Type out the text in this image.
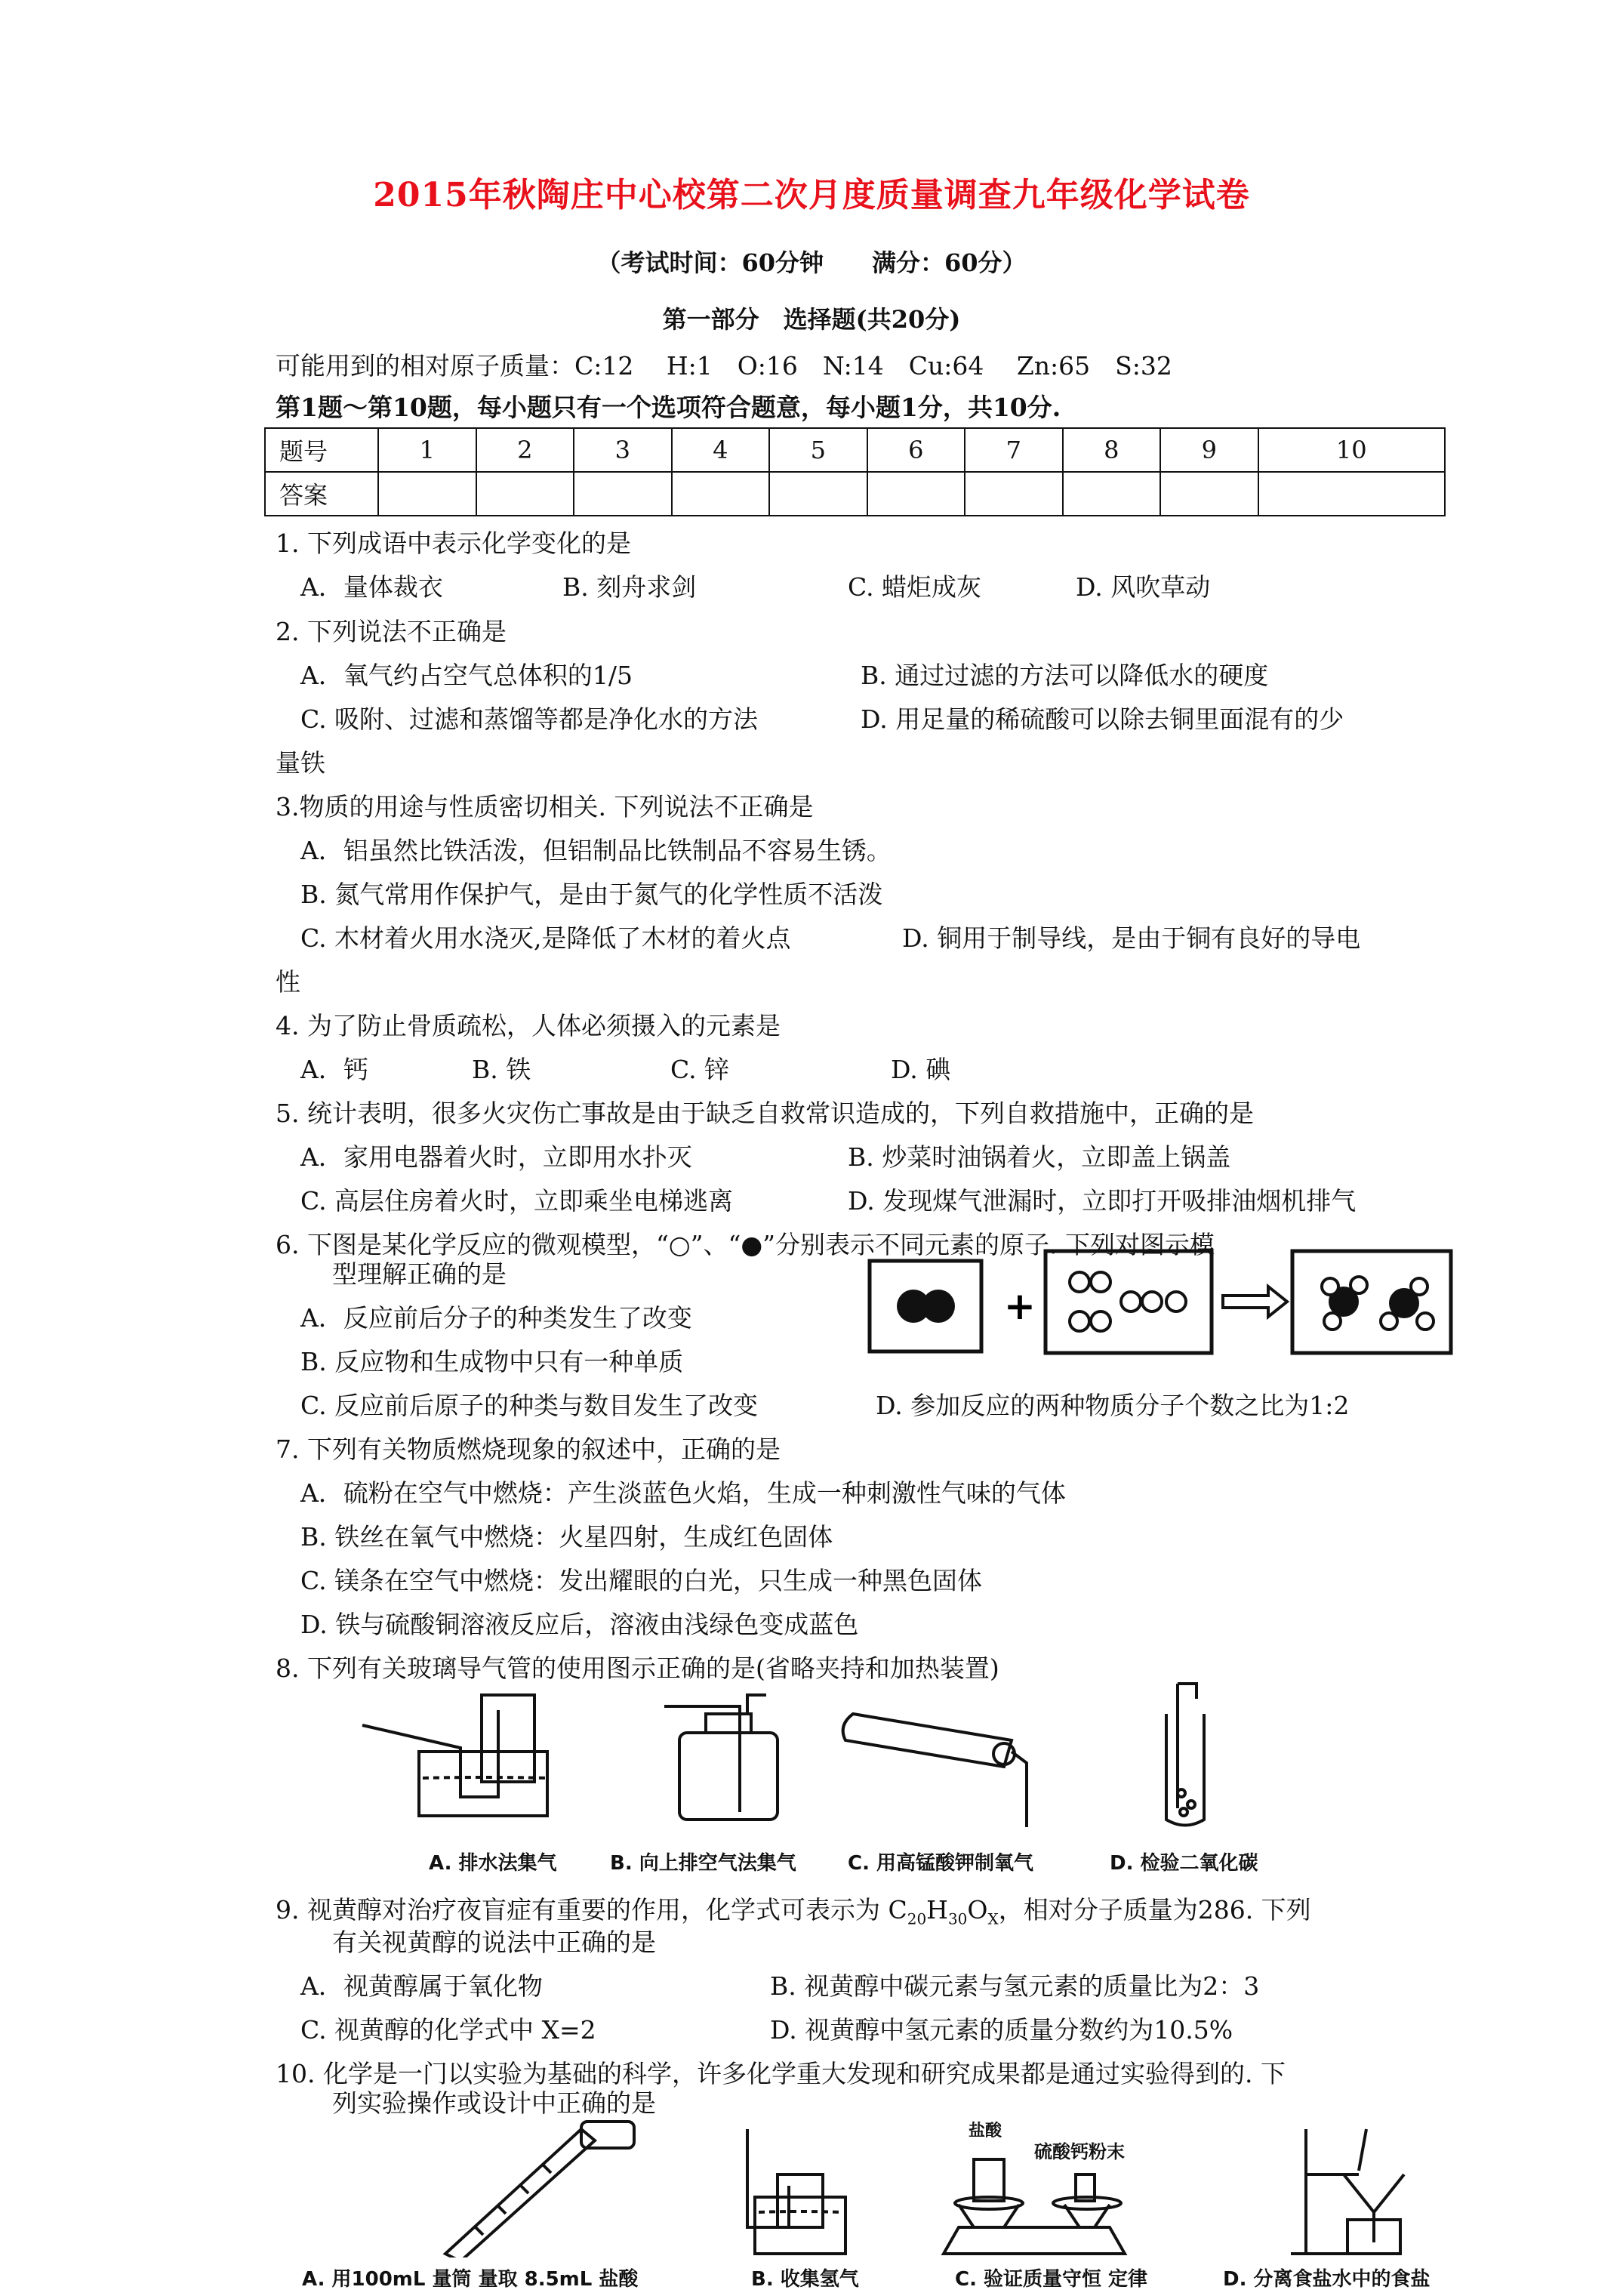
2015年秋陶庄中心校第二次月度质量调查九年级化学试卷
（考试时间：60分钟　　满分：60分）
第一部分　选择题(共20分)
可能用到的相对原子质量：C:12　 H:1　O:16　N:14　Cu:64　 Zn:65　S:32
第1题～第10题，每小题只有一个选项符合题意，每小题1分，共10分.
题号	1	2	3	4	5	6	7	8	9	10
答案										
1. 下列成语中表示化学变化的是
A．量体裁衣	B. 刻舟求剑	C. 蜡炬成灰	D. 风吹草动
2. 下列说法不正确是
A．氧气约占空气总体积的1/5	B. 通过过滤的方法可以降低水的硬度
C. 吸附、过滤和蒸馏等都是净化水的方法	D. 用足量的稀硫酸可以除去铜里面混有的少
量铁
3.物质的用途与性质密切相关. 下列说法不正确是
A．铝虽然比铁活泼，但铝制品比铁制品不容易生锈。
B. 氮气常用作保护气，是由于氮气的化学性质不活泼
C. 木材着火用水浇灭,是降低了木材的着火点	D. 铜用于制导线，是由于铜有良好的导电
性
4. 为了防止骨质疏松，人体必须摄入的元素是
A．钙	B. 铁	C. 锌	D. 碘
5. 统计表明，很多火灾伤亡事故是由于缺乏自救常识造成的，下列自救措施中，正确的是
A．家用电器着火时，立即用水扑灭	B. 炒菜时油锅着火，立即盖上锅盖
C. 高层住房着火时，立即乘坐电梯逃离	D. 发现煤气泄漏时，立即打开吸排油烟机排气
6. 下图是某化学反应的微观模型，“○”、“●”分别表示不同元素的原子. 下列对图示模
型理解正确的是
A．反应前后分子的种类发生了改变
B. 反应物和生成物中只有一种单质
C. 反应前后原子的种类与数目发生了改变	D. 参加反应的两种物质分子个数之比为1:2
+
7. 下列有关物质燃烧现象的叙述中，正确的是
A．硫粉在空气中燃烧：产生淡蓝色火焰，生成一种刺激性气味的气体
B. 铁丝在氧气中燃烧：火星四射，生成红色固体
C. 镁条在空气中燃烧：发出耀眼的白光，只生成一种黑色固体
D. 铁与硫酸铜溶液反应后，溶液由浅绿色变成蓝色
8. 下列有关玻璃导气管的使用图示正确的是(省略夹持和加热装置)
A. 排水法集气	B. 向上排空气法集气	C. 用高锰酸钾制氧气	D. 检验二氧化碳
9. 视黄醇对治疗夜盲症有重要的作用，化学式可表示为 $C_{20}H_{30}O_X$，相对分子质量为286. 下列
有关视黄醇的说法中正确的是
A．视黄醇属于氧化物	B. 视黄醇中碳元素与氢元素的质量比为2：3
C. 视黄醇的化学式中 X=2	D. 视黄醇中氢元素的质量分数约为10.5%
10. 化学是一门以实验为基础的科学，许多化学重大发现和研究成果都是通过实验得到的. 下
列实验操作或设计中正确的是
盐酸
硫酸钙粉末
A. 用100mL 量筒 量取 8.5mL 盐酸	B. 收集氢气	C. 验证质量守恒 定律	D. 分离食盐水中的食盐
